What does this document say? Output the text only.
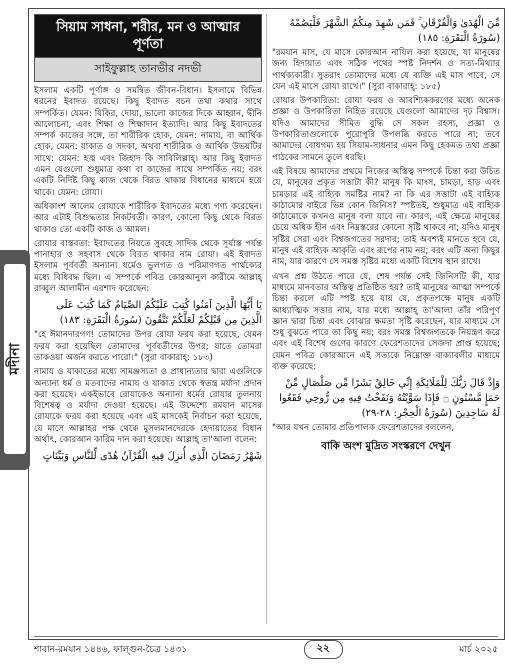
মদীনা
সিয়াম সাধনা, শরীর, মন ও আত্মার পূর্ণতা
সাইফুল্লাহ তানভীর নদভী

ইসলাম একটি পূর্ণাঙ্গ ও সমন্বিত জীবন-বিধান। ইসলামে বিভিন্ন ধরনের ইবাদত রয়েছে। কিছু ইবাদত বচন তথা কথার সাথে সম্পর্কিত। যেমন: যিকির, দোয়া, ভালো কাজের দিকে আহ্বান, দ্বীনি আলোচনা, এবং শিক্ষা ও শিক্ষাদান ইত্যাদি। আর কিছু ইবাদতের সম্পর্ক কাজের সঙ্গে, তা শারীরিক হোক, যেমন: নামায, বা আর্থিক হোক, যেমন: যাকাত ও সদকা, অথবা শারীরিক ও আর্থিক উভয়টির সাথে: যেমন: হজ্ব এবং জিহাদ কি সাবিলিল্লাহ্। আর কিছু ইবাদত এমন যেগুলো শুধুমাত্র কথা বা কাজের সাথে সম্পর্কিত নয়; বরং একটি নির্দিষ্ট কিছু কাজ থেকে বিরত থাকার বিধানের মাধ্যমে হয়ে থাকে। যেমন: রোযা।

অধিকাংশ আলেম রোযাকে শারীরিক ইবাদতের মধ্যে গণ্য করেছেন। আর এটাই বিশুদ্ধতার নিকটবর্তী। কারণ, কোনো কিছু থেকে বিরত থাকাও তো একটি কাজ ও আমল।

রোযার বাস্তবতা: ইবাদতের নিয়তে সুবহে সাদিক থেকে সূর্যাস্ত পর্যন্ত পানাহার ও সহবাস থেকে বিরত থাকার নাম রোযা। এই ইবাদত ইসলাম পূর্ববর্তী অন্যান্য ধর্মেও ভুলগত ও পরিমাণগত পার্থক্যের মধ্যে বিধিবদ্ধ ছিল। এ সম্পর্কে পবিত্র কোরআনুল কারীমে আল্লাহ্ রাব্বুল আলামীন এরশাদ করেছেন:

يَا أَيُّهَا الَّذِينَ آمَنُوا كُتِبَ عَلَيْكُمُ الصِّيَامُ كَمَا كُتِبَ عَلَى الَّذِينَ مِن قَبْلِكُمْ لَعَلَّكُمْ تَتَّقُونَ (سُورَةُ الْبَقَرَةِ: ١٨٣)

"হে ঈমানদারগণ! তোমাদের উপর রোযা ফরয করা হয়েছে, যেমন ফরয করা হয়েছিল তোমাদের পূর্ববর্তীদের উপর; যাতে তোমরা তাকওয়া অর্জন করতে পারো।" (সুরা বাকারাহ্: ১৮৩)

নামায ও যাকাতের মধ্যে সামঞ্জস্যতা ও প্রাধান্যতার দ্বারা এগুলিকে অন্যান্য ধর্ম ও মতবাদের নামায ও যাকাত থেকে স্বতন্ত্র মর্যাদা প্রদান করা হয়েছে। একইভাবে রোযাকেও অন্যান্য ধর্মের রোযার তুলনায় বিশেষত্ব ও মর্যাদা দেওয়া হয়েছে। এই উদ্দেশ্যে রমযান মাসের রোযাকে ফরয করা হয়েছে এবং এই মাসকেই নির্বাচন করা হয়েছে, যে মাসে আল্লাহর পক্ষ থেকে মুসলমানদেরকে হেদায়াতের বিধান অর্থাৎ, কোরআন কারিম দান করা হয়েছে। আল্লাহ্ তা'আলা বলেন:

شَهْرُ رَمَضَانَ الَّذِي أُنزِلَ فِيهِ الْقُرْآنُ هُدًى لِّلنَّاسِ وَبَيِّنَاتٍ

مِّنَ الْهُدَىٰ وَالْفُرْقَانِ ۚ فَمَن شَهِدَ مِنكُمُ الشَّهْرَ فَلْيَصُمْهُ (سُورَةُ الْبَقَرَةِ: ١٨٥)

"রমযান মাস, যে মাসে কোরআন নাযিল করা হয়েছে, যা মানুষের জন্য হিদায়াত এবং সঠিক পথের স্পষ্ট নিদর্শন ও সত্য-মিথ্যার পার্থক্যকারী। সুতরাং তোমাদের মধ্যে যে ব্যক্তি এই মাস পাবে, সে যেন এই মাসে রোযা রাখে।" (সুরা বাকারাহ্: ১৮৫)

রোযার উপকারিতা: রোযা ফরয ও আবশ্যিককরণের মধ্যে অনেক প্রজ্ঞা ও উপকারিতা নিহিত রয়েছে যেগুলো আমাদের দৃঢ় বিশ্বাস। যদিও আমাদের সীমিত বুদ্ধি সে সকল রহস্য, প্রজ্ঞা ও উপকারিতাগুলোকে পুরোপুরি উপলব্ধি করতে পারে না; তবে আমাদের বোধগম্য হয় সিয়াম-সাধনার এমন কিছু হেকমত তথা প্রজ্ঞা পাঠকের সামনে তুলে ধরছি।

এই বিষয়ে আমাদের প্রথমে নিজের অস্তিত্ব সম্পর্কে চিন্তা করা উচিত যে, মানুষের প্রকৃত সত্তাটা কী? মানুষ কি মাংস, চামড়া, হাড় এবং চামড়ার এই বাহ্যিক সমষ্টির নাম? না কি এর সত্তাটা এই বাহ্যিক কাঠামোর বাইরে ভিন্ন কোন জিনিস? স্পষ্টতই, শুধুমাত্র এই বাহ্যিক কাঠামোকে কখনও মানুষ বলা যাবে না। কারণ, এই ক্ষেত্রে মানুষের চেয়ে অধিক হীন এবং নিম্নস্তরের কোনো সৃষ্টি থাকবে না; যদিও মানুষ সৃষ্টির সেরা এবং বিশ্বজগতের সরদার; তাই অবশ্যই মানতে হবে যে, মানুষ এই বাহ্যিক আকৃতি এবং রূপের নাম নয়; বরং এটি অন্য কিছুর নাম, যার কারণে সে সমস্ত সৃষ্টির মধ্যে একটি বিশেষ স্থান রাখে।

এখন প্রশ্ন উঠতে পারে যে, শেষ পর্যন্ত সেই জিনিসটি কী, যার মাধ্যমে মানবতার অস্তিত্ব প্রতিষ্ঠিত হয়? তাই মানুষের আত্মা সম্পর্কে চিন্তা করলে এটি স্পষ্ট হয়ে যায় যে, প্রকৃতপক্ষে মানুষ একটি আধ্যাত্মিক সত্তার নাম, যার মধ্যে আল্লাহ্ তা'আলা তাঁর পরিপূর্ণ জ্ঞান দ্বারা চিন্তা এবং বোঝার ক্ষমতা সৃষ্টি করেছেন, যার মাধ্যমে সে শুধু বুঝতে পারে তা কিছু নয়; বরং সমস্ত বিশ্বজগতকে নিয়ন্ত্রণ করে এবং এই বিশেষ গুণের কারণে ফেরেশতাদের সেজদা প্রাপ্ত হয়েছে; যেমন পবিত্র কোরআনে এই সত্যকে নিম্নোক্ত বাক্যাবলীর মাধ্যমে ব্যক্ত করেছে:

وَإِذْ قَالَ رَبُّكَ لِلْمَلَائِكَةِ إِنِّي خَالِقٌ بَشَرًا مِّن صَلْصَالٍ مِّنْ حَمَإٍ مَّسْنُونٍ ۝ فَإِذَا سَوَّيْتُهُ وَنَفَخْتُ فِيهِ مِن رُّوحِي فَقَعُوا لَهُ سَاجِدِينَ (سُورَةُ الْحِجْرِ: ٢٨-٢٩)

"আর যখন তোমার প্রতিপালক ফেরেশতাদের বললেন,

বাকি অংশ মুদ্রিত সংস্করণে দেখুন
শাবান-রমযান ১৪৪৬, ফাল্গুন-চৈত্র ১৪৩১	২২	মার্চ ২০২৫
